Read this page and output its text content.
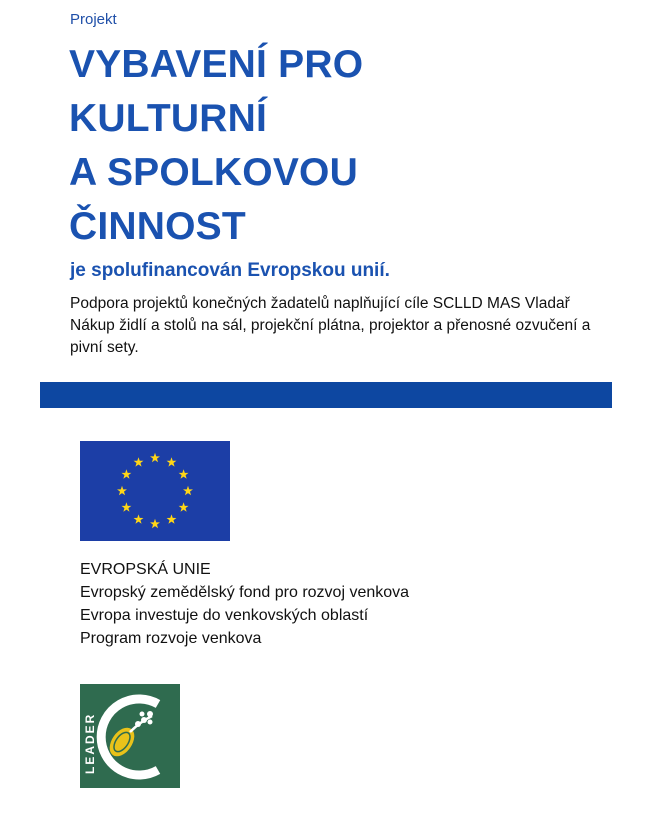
Projekt
VYBAVENÍ PRO
KULTURNÍ
A SPOLKOVOU
ČINNOST
je spolufinancován Evropskou unií.

Podpora projektů konečných žadatelů naplňující cíle SCLLD MAS Vladař

Nákup židlí a stolů na sál, projekční plátna, projektor a přenosné ozvučení a pivní sety.

EVROPSKÁ UNIE
Evropský zemědělský fond pro rozvoj venkova
Evropa investuje do venkovských oblastí
Program rozvoje venkova
LEADER
